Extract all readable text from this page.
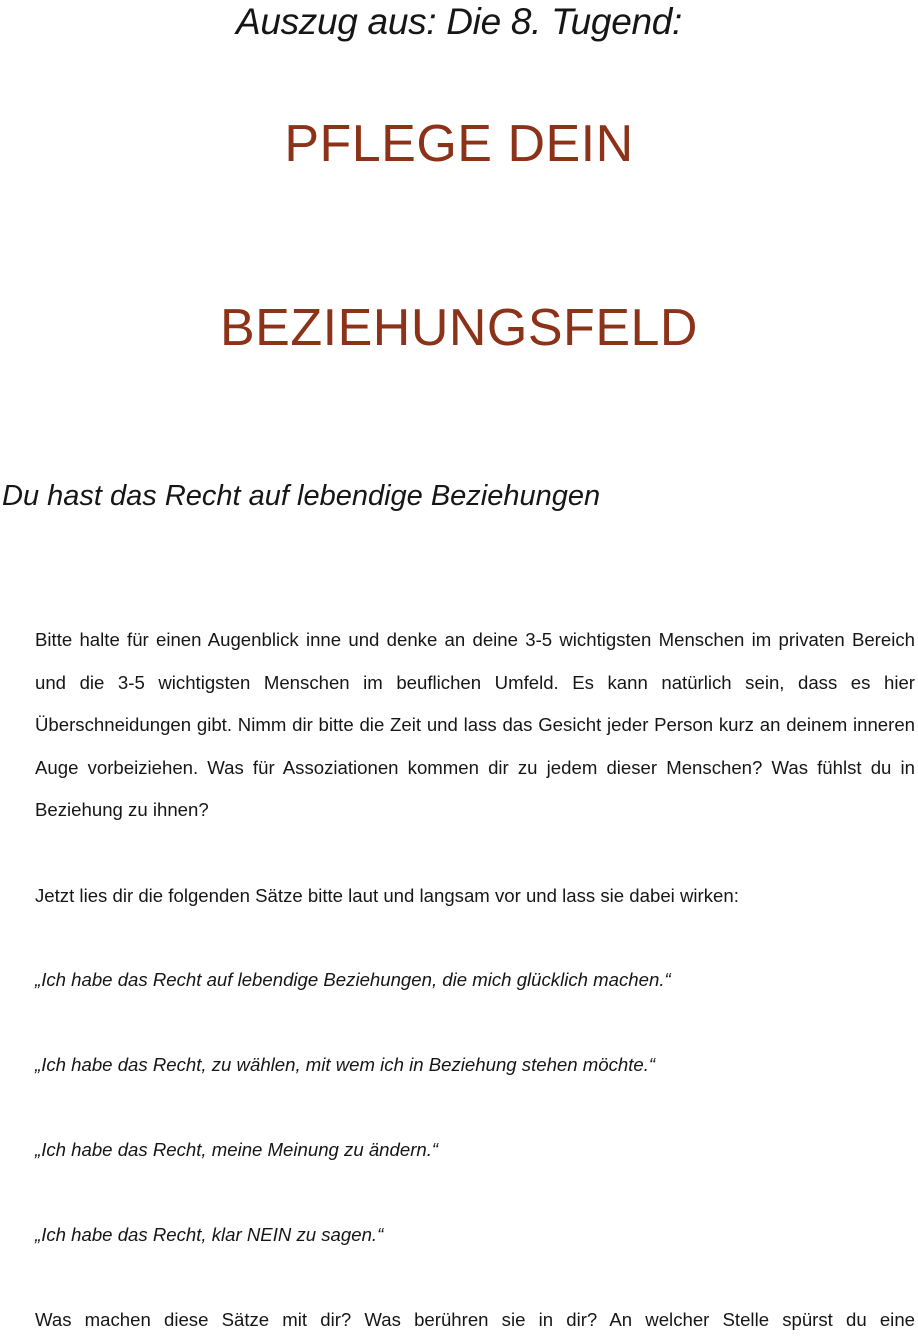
Auszug aus: Die 8. Tugend:
PFLEGE DEIN
BEZIEHUNGSFELD
Du hast das Recht auf lebendige Beziehungen
Bitte halte für einen Augenblick inne und denke an deine 3-5 wichtigsten Menschen im privaten Bereich und die 3-5 wichtigsten Menschen im beuflichen Umfeld. Es kann natürlich sein, dass es hier Überschneidungen gibt. Nimm dir bitte die Zeit und lass das Gesicht jeder Person kurz an deinem inneren Auge vorbeiziehen. Was für Assoziationen kommen dir zu jedem dieser Menschen? Was fühlst du in Beziehung zu ihnen?
Jetzt lies dir die folgenden Sätze bitte laut und langsam vor und lass sie dabei wirken:
„Ich habe das Recht auf lebendige Beziehungen, die mich glücklich machen.“
„Ich habe das Recht, zu wählen, mit wem ich in Beziehung stehen möchte.“
„Ich habe das Recht, meine Meinung zu ändern.“
„Ich habe das Recht, klar NEIN zu sagen.“
Was machen diese Sätze mit dir? Was berühren sie in dir? An welcher Stelle spürst du eine
